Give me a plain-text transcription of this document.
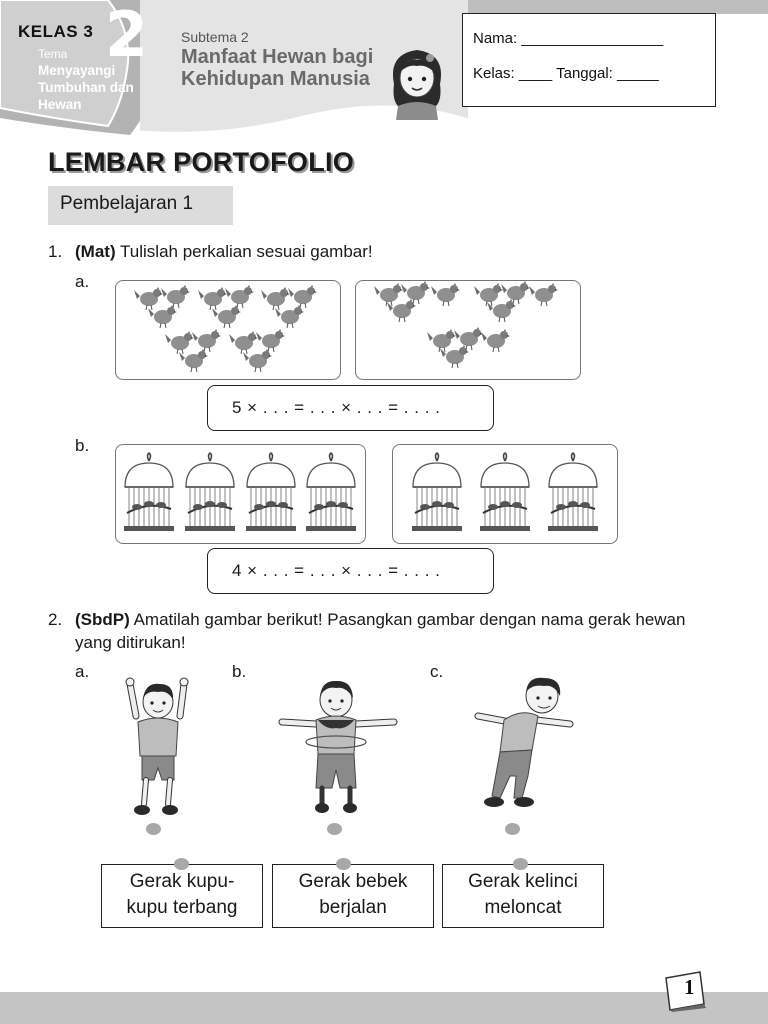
KELAS 3 2
Tema
Menyayangi Tumbuhan dan Hewan
Subtema 2
Manfaat Hewan bagi Kehidupan Manusia
Nama: _________________
Kelas: ____ Tanggal: _____
LEMBAR PORTOFOLIO
Pembelajaran 1
1. (Mat) Tulislah perkalian sesuai gambar!
a.
5 × . . . = . . . × . . . = . . . .
b.
4 × . . . = . . . × . . . = . . . .
2. (SbdP) Amatilah gambar berikut! Pasangkan gambar dengan nama gerak hewan yang ditirukan!
a.	b.	c.
Gerak kupu-
kupu terbang
Gerak bebek
berjalan
Gerak kelinci
meloncat
1
